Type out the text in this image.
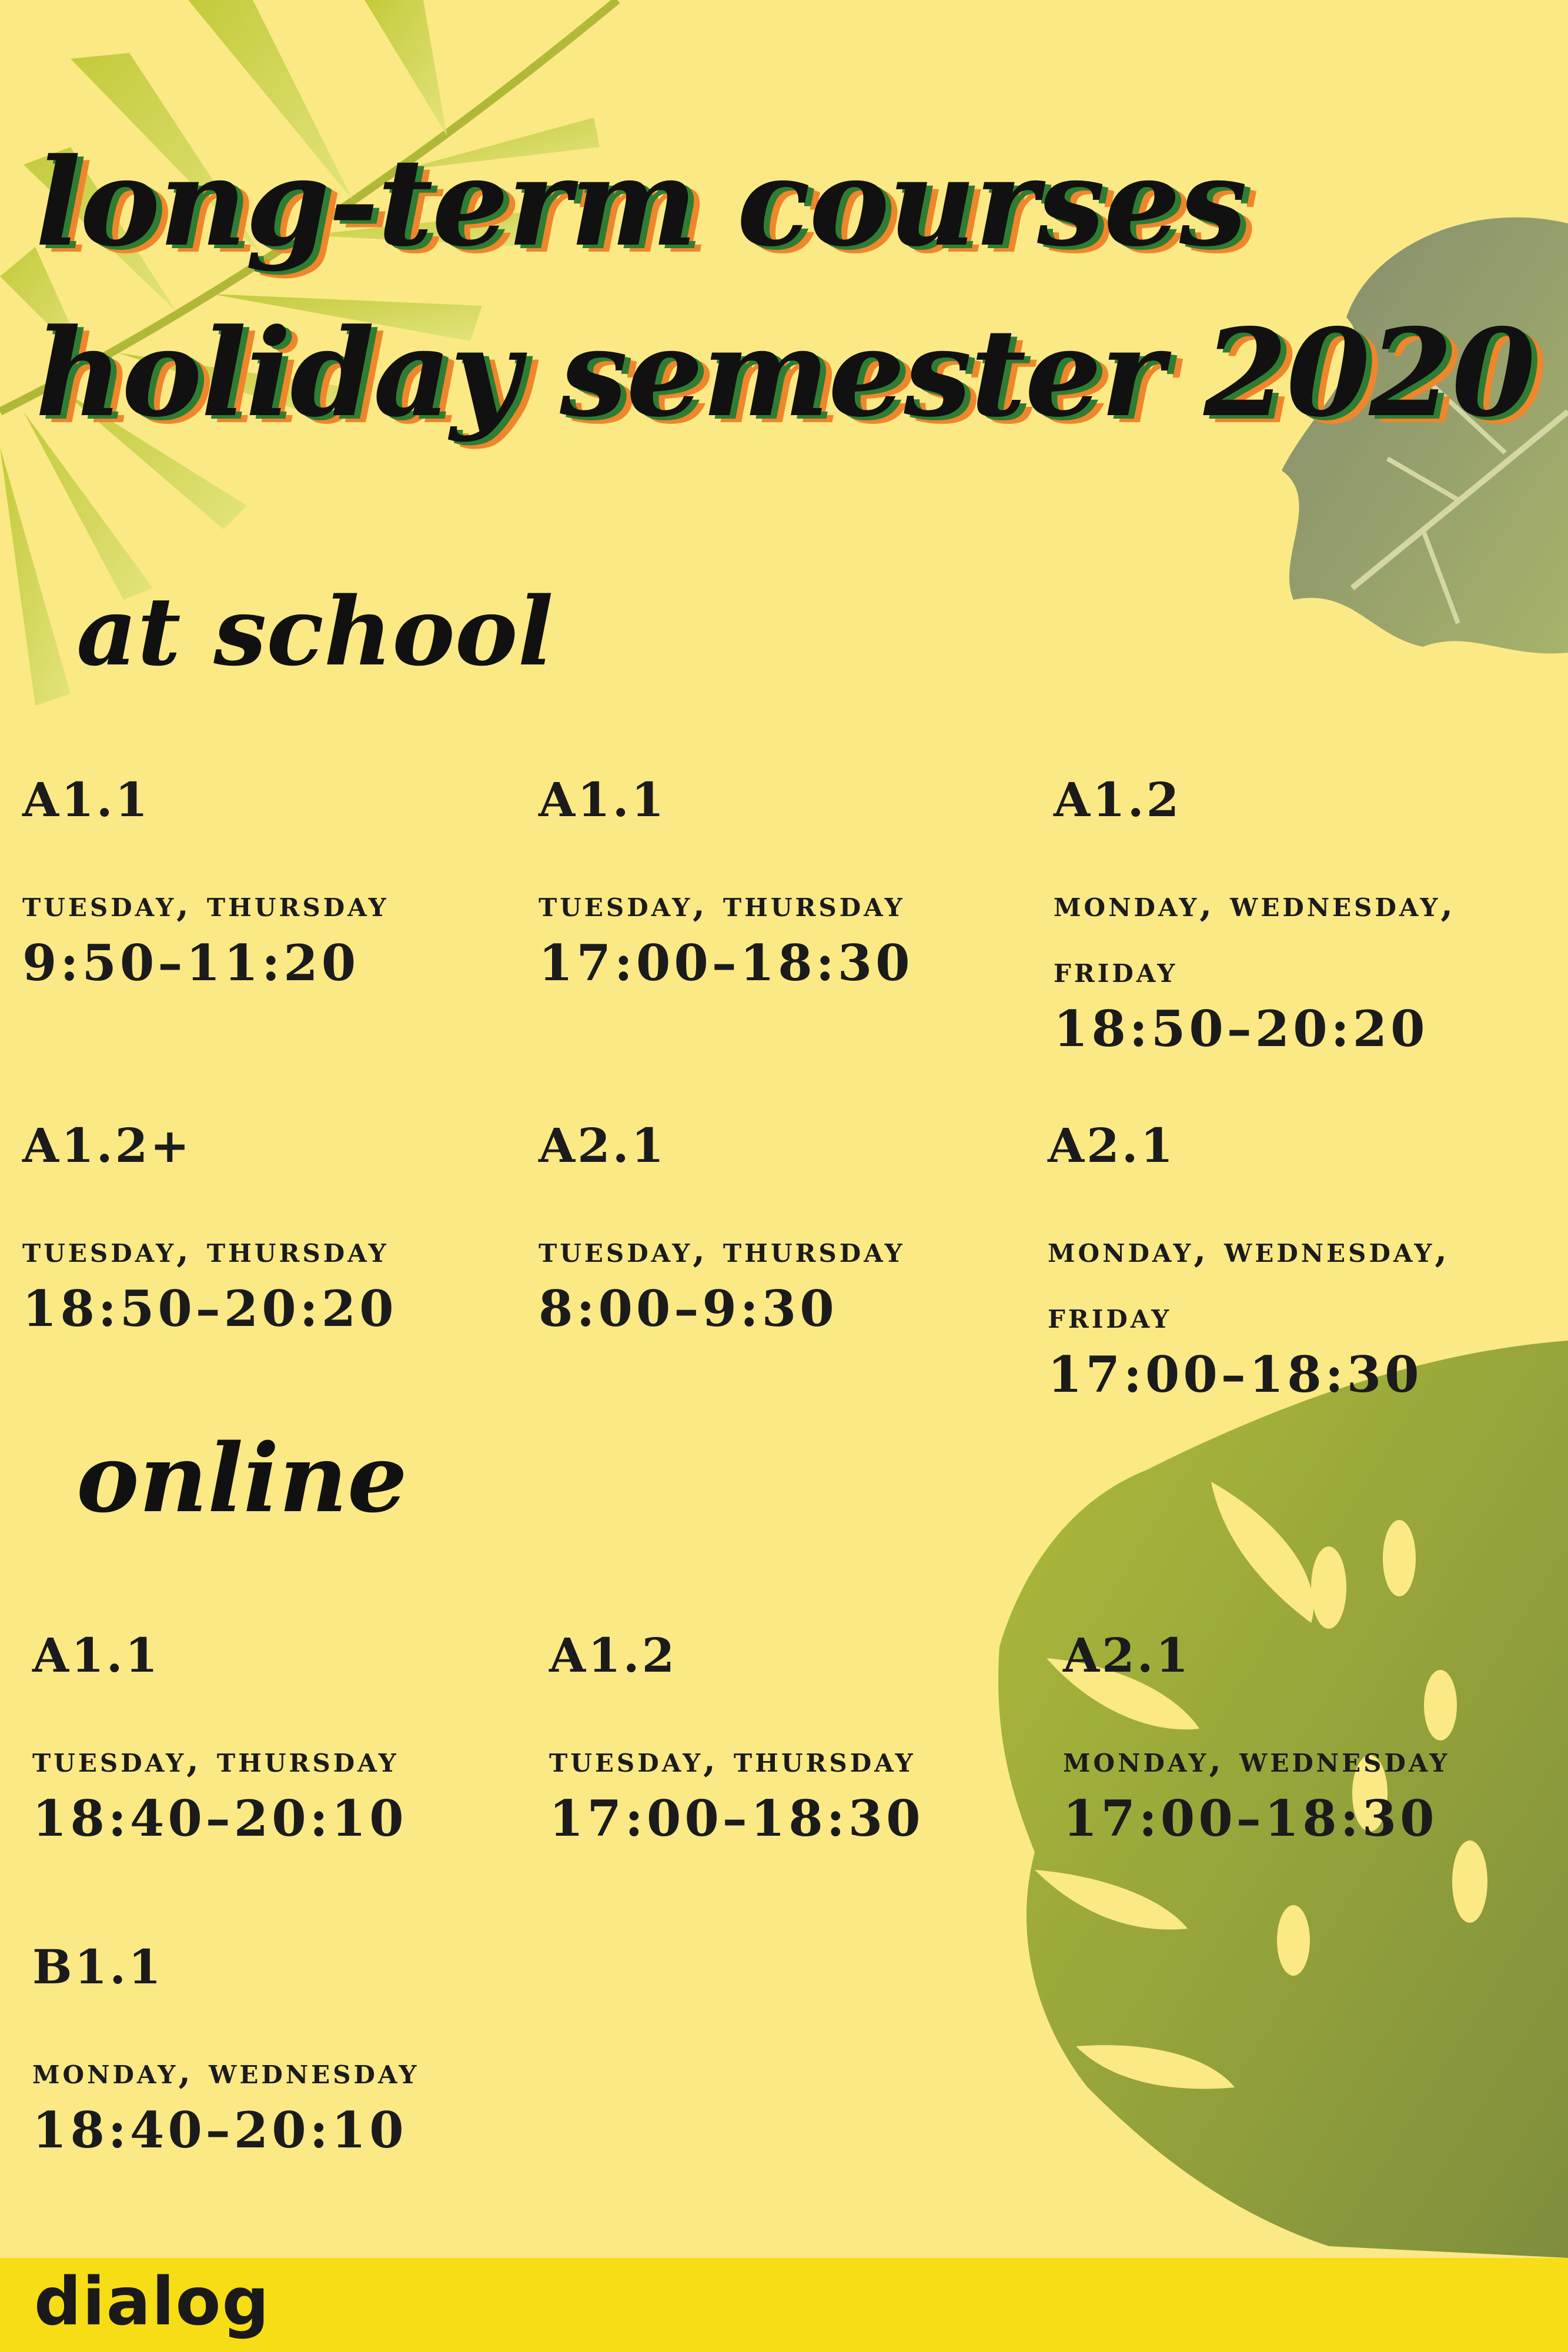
long-term courses
holiday semester 2020
at school
A1.1
tuesday, thursday
9:50–11:20
A1.1
tuesday, thursday
17:00–18:30
A1.2
monday, wednesday, friday
18:50–20:20
A1.2+
tuesday, thursday
18:50–20:20
A2.1
tuesday, thursday
8:00–9:30
A2.1
monday, wednesday, friday
17:00–18:30
online
A1.1
tuesday, thursday
18:40–20:10
A1.2
tuesday, thursday
17:00–18:30
A2.1
monday, wednesday
17:00–18:30
B1.1
monday, wednesday
18:40–20:10
dialog
